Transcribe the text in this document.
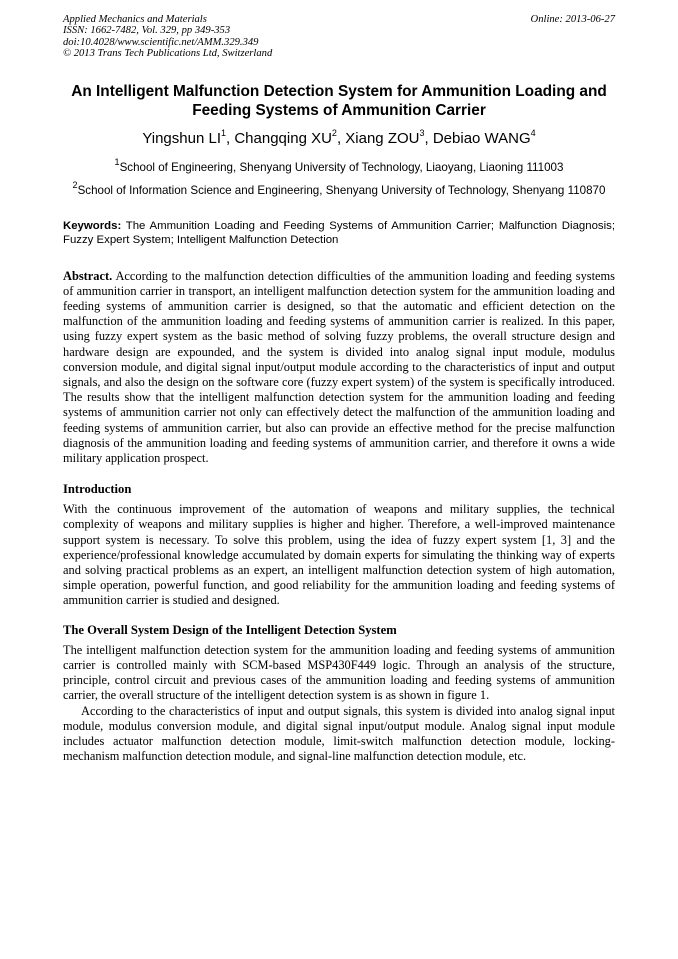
Applied Mechanics and Materials
ISSN: 1662-7482, Vol. 329, pp 349-353
doi:10.4028/www.scientific.net/AMM.329.349
© 2013 Trans Tech Publications Ltd, Switzerland
Online: 2013-06-27
An Intelligent Malfunction Detection System for Ammunition Loading and Feeding Systems of Ammunition Carrier
Yingshun $LI^1$, Changqing $XU^2$, Xiang ZOU$^3$, Debiao WANG$^4$
$^1$School of Engineering, Shenyang University of Technology, Liaoyang, Liaoning 111003
$^2$School of Information Science and Engineering, Shenyang University of Technology, Shenyang 110870
Keywords: The Ammunition Loading and Feeding Systems of Ammunition Carrier; Malfunction Diagnosis; Fuzzy Expert System; Intelligent Malfunction Detection
Abstract. According to the malfunction detection difficulties of the ammunition loading and feeding systems of ammunition carrier in transport, an intelligent malfunction detection system for the ammunition loading and feeding systems of ammunition carrier is designed, so that the automatic and efficient detection on the malfunction of the ammunition loading and feeding systems of ammunition carrier is realized. In this paper, using fuzzy expert system as the basic method of solving fuzzy problems, the overall structure design and hardware design are expounded, and the system is divided into analog signal input module, modulus conversion module, and digital signal input/output module according to the characteristics of input and output signals, and also the design on the software core (fuzzy expert system) of the system is specifically introduced. The results show that the intelligent malfunction detection system for the ammunition loading and feeding systems of ammunition carrier not only can effectively detect the malfunction of the ammunition loading and feeding systems of ammunition carrier, but also can provide an effective method for the precise malfunction diagnosis of the ammunition loading and feeding systems of ammunition carrier, and therefore it owns a wide military application prospect.
Introduction
With the continuous improvement of the automation of weapons and military supplies, the technical complexity of weapons and military supplies is higher and higher. Therefore, a well-improved maintenance support system is necessary. To solve this problem, using the idea of fuzzy expert system [1, 3] and the experience/professional knowledge accumulated by domain experts for simulating the thinking way of experts and solving practical problems as an expert, an intelligent malfunction detection system of high automation, simple operation, powerful function, and good reliability for the ammunition loading and feeding systems of ammunition carrier is studied and designed.
The Overall System Design of the Intelligent Detection System
The intelligent malfunction detection system for the ammunition loading and feeding systems of ammunition carrier is controlled mainly with SCM-based MSP430F449 logic. Through an analysis of the structure, principle, control circuit and previous cases of the ammunition loading and feeding systems of ammunition carrier, the overall structure of the intelligent detection system is as shown in figure 1.
According to the characteristics of input and output signals, this system is divided into analog signal input module, modulus conversion module, and digital signal input/output module. Analog signal input module includes actuator malfunction detection module, limit-switch malfunction detection module, locking-mechanism malfunction detection module, and signal-line malfunction detection module, etc.
